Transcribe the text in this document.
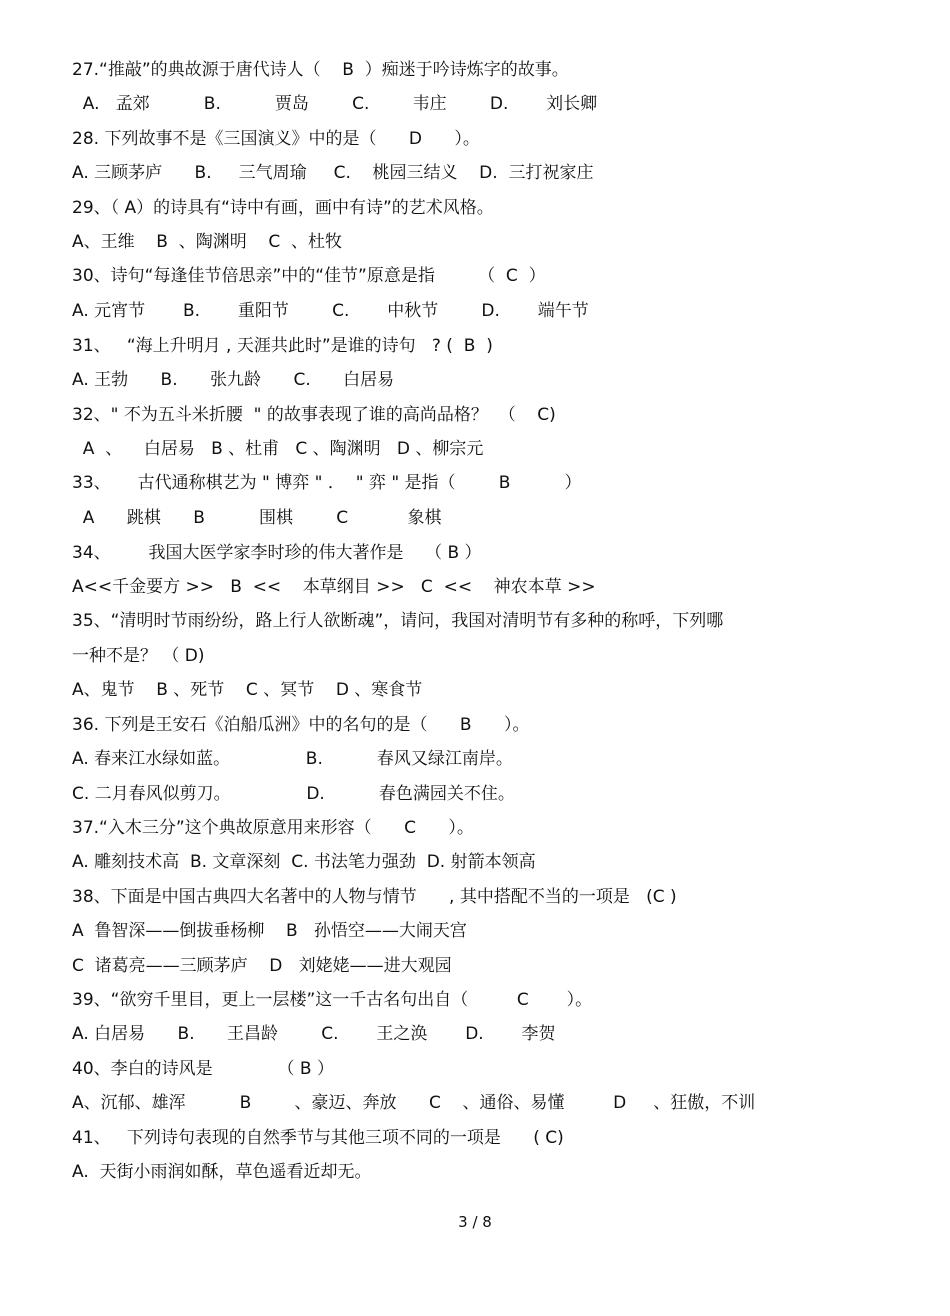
27.“推敲”的典故源于唐代诗人（    B  ）痴迷于吟诗炼字的故事。
A.   孟郊          B.          贾岛        C.        韦庄        D.       刘长卿
28. 下列故事不是《三国演义》中的是（      D      ）。
A. 三顾茅庐      B.     三气周瑜     C.    桃园三结义    D.  三打祝家庄
29、（ A）的诗具有“诗中有画，画中有诗”的艺术风格。
A、王维    B  、陶渊明    C  、杜牧
30、诗句“每逢佳节倍思亲”中的“佳节”原意是指        （  C  ）
A. 元宵节       B.       重阳节        C.       中秋节        D.       端午节
31、   “海上升明月 , 天涯共此时”是谁的诗句   ? (  B  )
A. 王勃      B.      张九龄      C.      白居易
32、" 不为五斗米折腰  " 的故事表现了谁的高尚品格？  （    C)
A  、    白居易   B 、杜甫   C 、陶渊明   D 、柳宗元
33、     古代通称棋艺为 " 博弈 " ．  " 弈 " 是指（        B          ）
A      跳棋      B          围棋        C           象棋
34、       我国大医学家李时珍的伟大著作是    （ B ）
A<<千金要方 >>   B  <<    本草纲目 >>   C  <<    神农本草 >>
35、“清明时节雨纷纷，路上行人欲断魂”，请问，我国对清明节有多种的称呼，下列哪
一种不是？ （ D)
A、鬼节    B 、死节    C 、冥节    D 、寒食节
36. 下列是王安石《泊船瓜洲》中的名句的是（      B      ）。
A. 春来江水绿如蓝。              B.          春风又绿江南岸。
C. 二月春风似剪刀。              D.          春色满园关不住。
37.“入木三分”这个典故原意用来形容（      C      ）。
A. 雕刻技术高  B. 文章深刻  C. 书法笔力强劲  D. 射箭本领高
38、下面是中国古典四大名著中的人物与情节      , 其中搭配不当的一项是   (C )
A  鲁智深——倒拔垂杨柳    B   孙悟空——大闹天宫
C  诸葛亮——三顾茅庐    D   刘姥姥——进大观园
39、“欲穷千里目，更上一层楼”这一千古名句出自（         C       ）。
A. 白居易      B.      王昌龄        C.       王之涣       D.       李贺
40、李白的诗风是            （ B ）
A、沉郁、雄浑          B        、豪迈、奔放      C    、通俗、易懂         D     、狂傲，不训
41、   下列诗句表现的自然季节与其他三项不同的一项是      ( C)
A.  天街小雨润如酥，草色遥看近却无。
3 / 8
